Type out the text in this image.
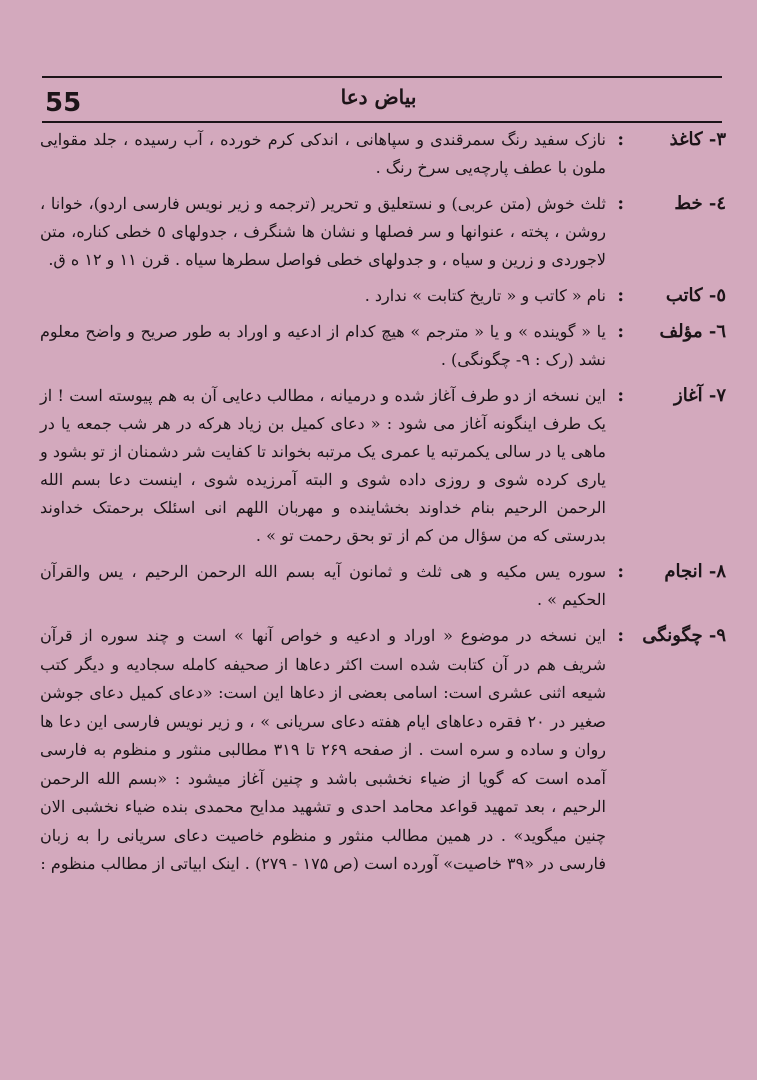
بیاض دعا
55
۳- کاغذ
:
نازک سفید رنگ سمرقندی و سپاهانی ، اندکی کرم خورده ، آب رسیده ، جلد مقوایی ملون با عطف پارچه‌یی سرخ رنگ .
٤- خط
:
ثلث خوش (متن عربی) و نستعلیق و تحریر (ترجمه و زیر نویس فارسی اردو)، خوانا ، روشن ، پخته ، عنوانها و سر فصلها و نشان ها شنگرف ، جدولهای ٥ خطی کناره، متن لاجوردی و زرین و سیاه ، و جدولهای خطی فواصل سطرها سیاه . قرن ۱۱ و ۱۲ ه ق.
٥- کاتب
:
نام « کاتب و « تاریخ کتابت » ندارد .
٦- مؤلف
:
یا « گوینده » و یا « مترجم » هیچ کدام از ادعیه و اوراد به طور صریح و واضح معلوم نشد (رک : ۹- چگونگی) .
۷- آغاز
:
این نسخه از دو طرف آغاز شده و درمیانه ، مطالب دعایی آن به هم پیوسته است ! از یک طرف اینگونه آغاز می شود : « دعای کمیل بن زیاد هرکه در هر شب جمعه یا در ماهی یا در سالی یکمرتبه یا عمری یک مرتبه بخواند تا کفایت شر دشمنان از تو بشود و یاری کرده شوی و روزی داده شوی و البته آمرزیده شوی ، اینست دعا بسم الله الرحمن الرحیم بنام خداوند بخشاینده و مهربان اللهم انی اسئلک برحمتک خداوند بدرستی که من سؤال من کم از تو بحق رحمت تو » .
۸- انجام
:
سوره یس مکیه و هی ثلث و ثمانون آیه بسم الله الرحمن الرحیم ، یس والقرآن الحکیم » .
۹- چگونگی
:
این نسخه در موضوع « اوراد و ادعیه و خواص آنها » است و چند سوره از قرآن شریف هم در آن کتابت شده است اکثر دعاها از صحیفه کامله سجادیه و دیگر کتب شیعه اثنی عشری است: اسامی بعضی از دعاها این است: «دعای کمیل دعای جوشن صغیر در ۲۰ فقره دعاهای ایام هفته دعای سریانی » ، و زیر نویس فارسی این دعا ها روان و ساده و سره است . از صفحه ۲۶۹ تا ۳۱۹ مطالبی منثور و منظوم به فارسی آمده است که گویا از ضیاء نخشبی باشد و چنین آغاز میشود : «بسم الله الرحمن الرحیم ، بعد تمهید قواعد محامد احدی و تشهید مدایح محمدی بنده ضیاء نخشبی الان چنین میگوید» . در همین مطالب منثور و منظوم خاصیت دعای سریانی را به زبان فارسی در «۳۹ خاصیت» آورده است (ص ۱۷۵ - ۲۷۹) . اینک ابیاتی از مطالب منظوم :
